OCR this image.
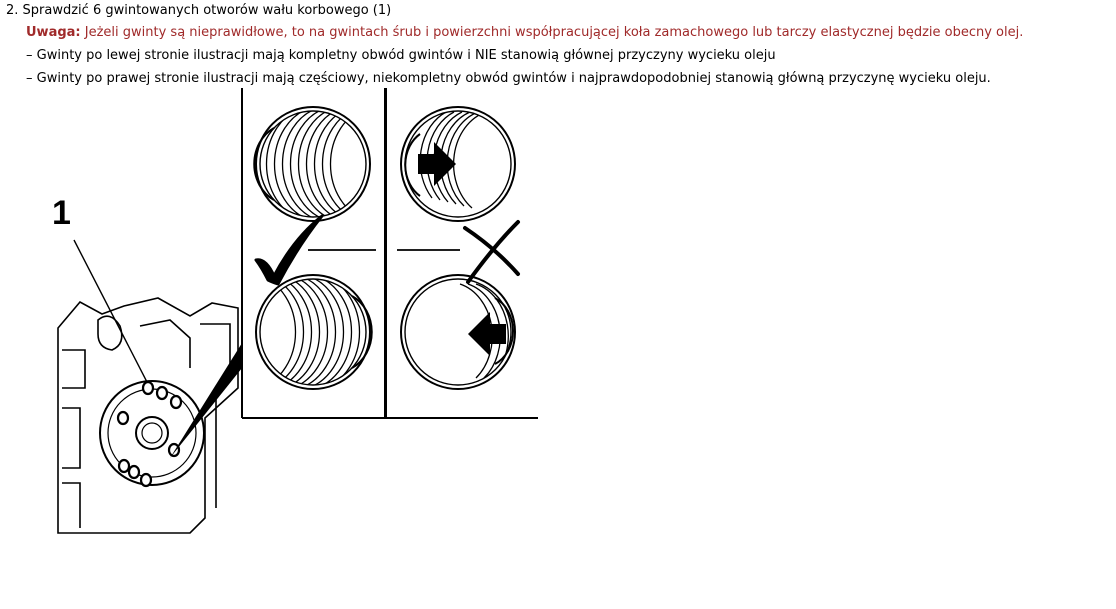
2. Sprawdzić 6 gwintowanych otworów wału korbowego (1)
Uwaga: Jeżeli gwinty są nieprawidłowe, to na gwintach śrub i powierzchni współpracującej koła zamachowego lub tarczy elastycznej będzie obecny olej.
– Gwinty po lewej stronie ilustracji mają kompletny obwód gwintów i NIE stanowią głównej przyczyny wycieku oleju
– Gwinty po prawej stronie ilustracji mają częściowy, niekompletny obwód gwintów i najprawdopodobniej stanowią główną przyczynę wycieku oleju.
1
